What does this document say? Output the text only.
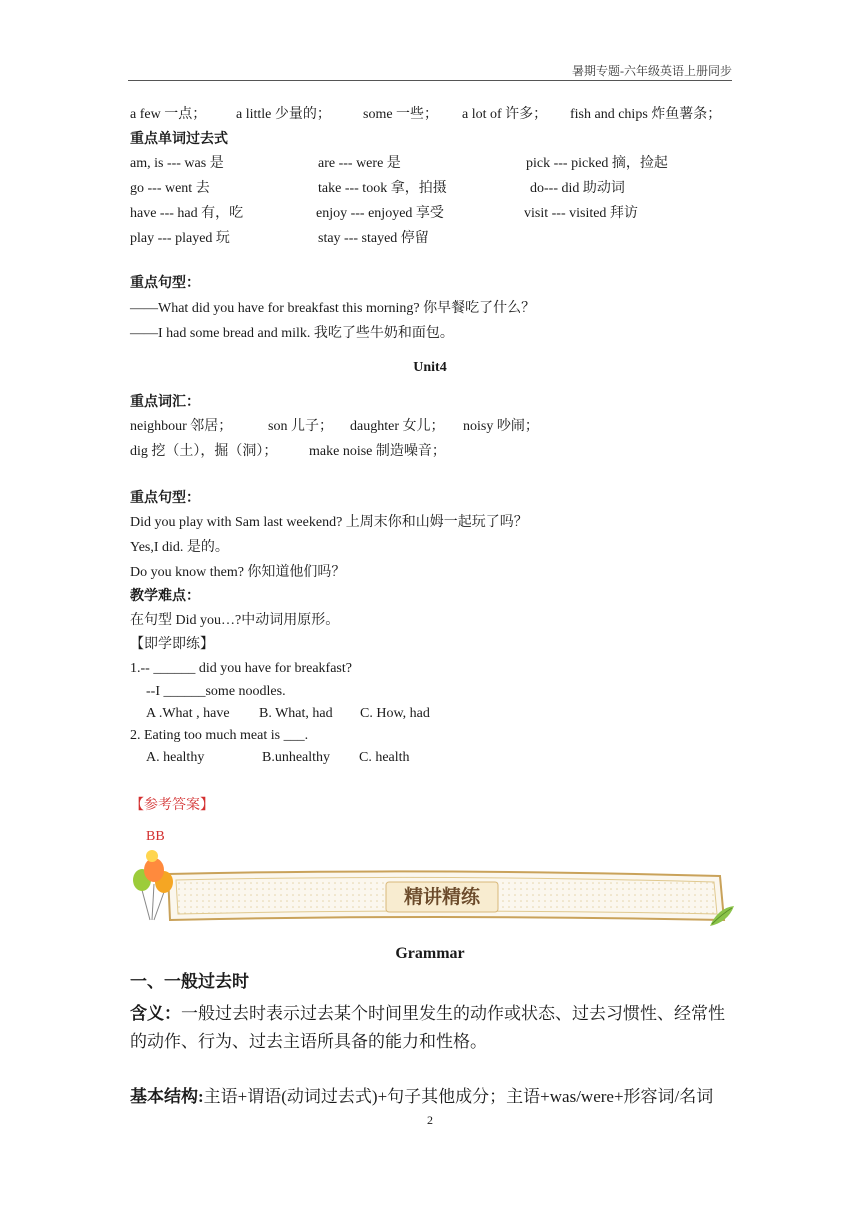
暑期专题-六年级英语上册同步
a few 一点； a little 少量的； some 一些； a lot of 许多； fish and chips 炸鱼薯条；
重点单词过去式
am, is --- was 是	are --- were 是	pick --- picked 摘，捡起
go --- went 去	take --- took 拿，拍摄	do--- did 助动词
have --- had 有，吃	enjoy --- enjoyed 享受	visit --- visited 拜访
play --- played 玩	stay --- stayed 停留
重点句型：
——What did you have for breakfast this morning? 你早餐吃了什么？
——I had some bread and milk. 我吃了些牛奶和面包。
Unit4
重点词汇：
neighbour 邻居；	son 儿子； daughter 女儿； noisy 吵闹；
dig 挖（土），掘（洞）； make noise 制造噪音；
重点句型：
Did you play with Sam last weekend? 上周末你和山姆一起玩了吗？
Yes,I did. 是的。
Do you know them? 你知道他们吗？
教学难点：
在句型 Did you…?中动词用原形。
【即学即练】
1.-- ______ did you have for breakfast?
--I ______some noodles.
A .What , have B. What, had C. How, had
2. Eating too much meat is ___.
A. healthy	B.unhealthy C. health
【参考答案】
BB
精讲精练
Grammar
一、一般过去时
含义：一般过去时表示过去某个时间里发生的动作或状态、过去习惯性、经常性的动作、行为、过去主语所具备的能力和性格。
基本结构:主语+谓语(动词过去式)+句子其他成分；主语+was/were+形容词/名词
2
